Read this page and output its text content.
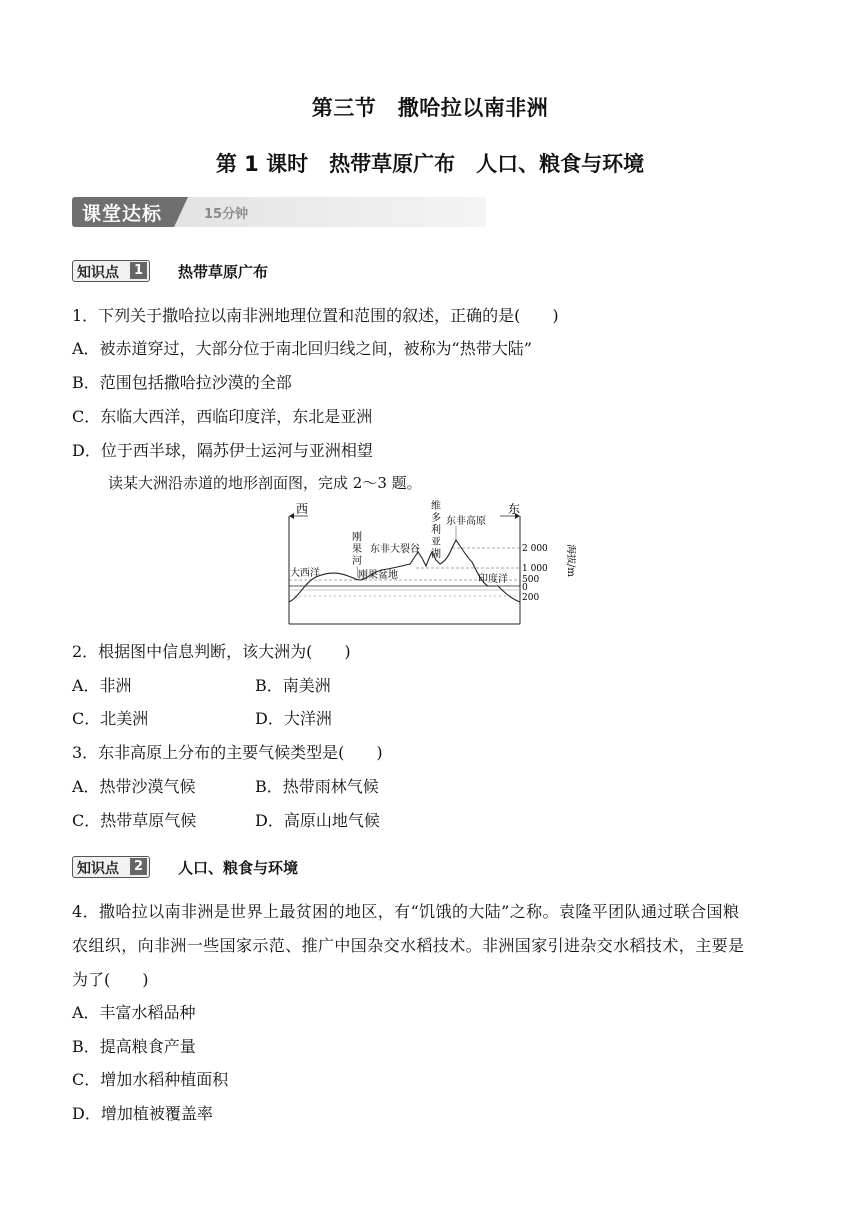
第三节　撒哈拉以南非洲
第 1 课时　热带草原广布　人口、粮食与环境
课堂达标	15分钟
知识点	1 热带草原广布
1．下列关于撒哈拉以南非洲地理位置和范围的叙述，正确的是(　　)
A．被赤道穿过，大部分位于南北回归线之间，被称为“热带大陆”
B．范围包括撒哈拉沙漠的全部
C．东临大西洋，西临印度洋，东北是亚洲
D．位于西半球，隔苏伊士运河与亚洲相望
读某大洲沿赤道的地形剖面图，完成 2～3 题。
西	东
大西洋	刚果盆地
刚
果
河
东非大裂谷
维
多
利
亚
湖
东非高原
印度洋
2 000
1 000
500
0
200
海拔/m
2．根据图中信息判断，该大洲为(　　)
A．非洲	B．南美洲
C．北美洲	D．大洋洲
3．东非高原上分布的主要气候类型是(　　)
A．热带沙漠气候	B．热带雨林气候
C．热带草原气候	D．高原山地气候
知识点	2 人口、粮食与环境
4．撒哈拉以南非洲是世界上最贫困的地区，有“饥饿的大陆”之称。袁隆平团队通过联合国粮
农组织，向非洲一些国家示范、推广中国杂交水稻技术。非洲国家引进杂交水稻技术，主要是
为了(　　)
A．丰富水稻品种
B．提高粮食产量
C．增加水稻种植面积
D．增加植被覆盖率
